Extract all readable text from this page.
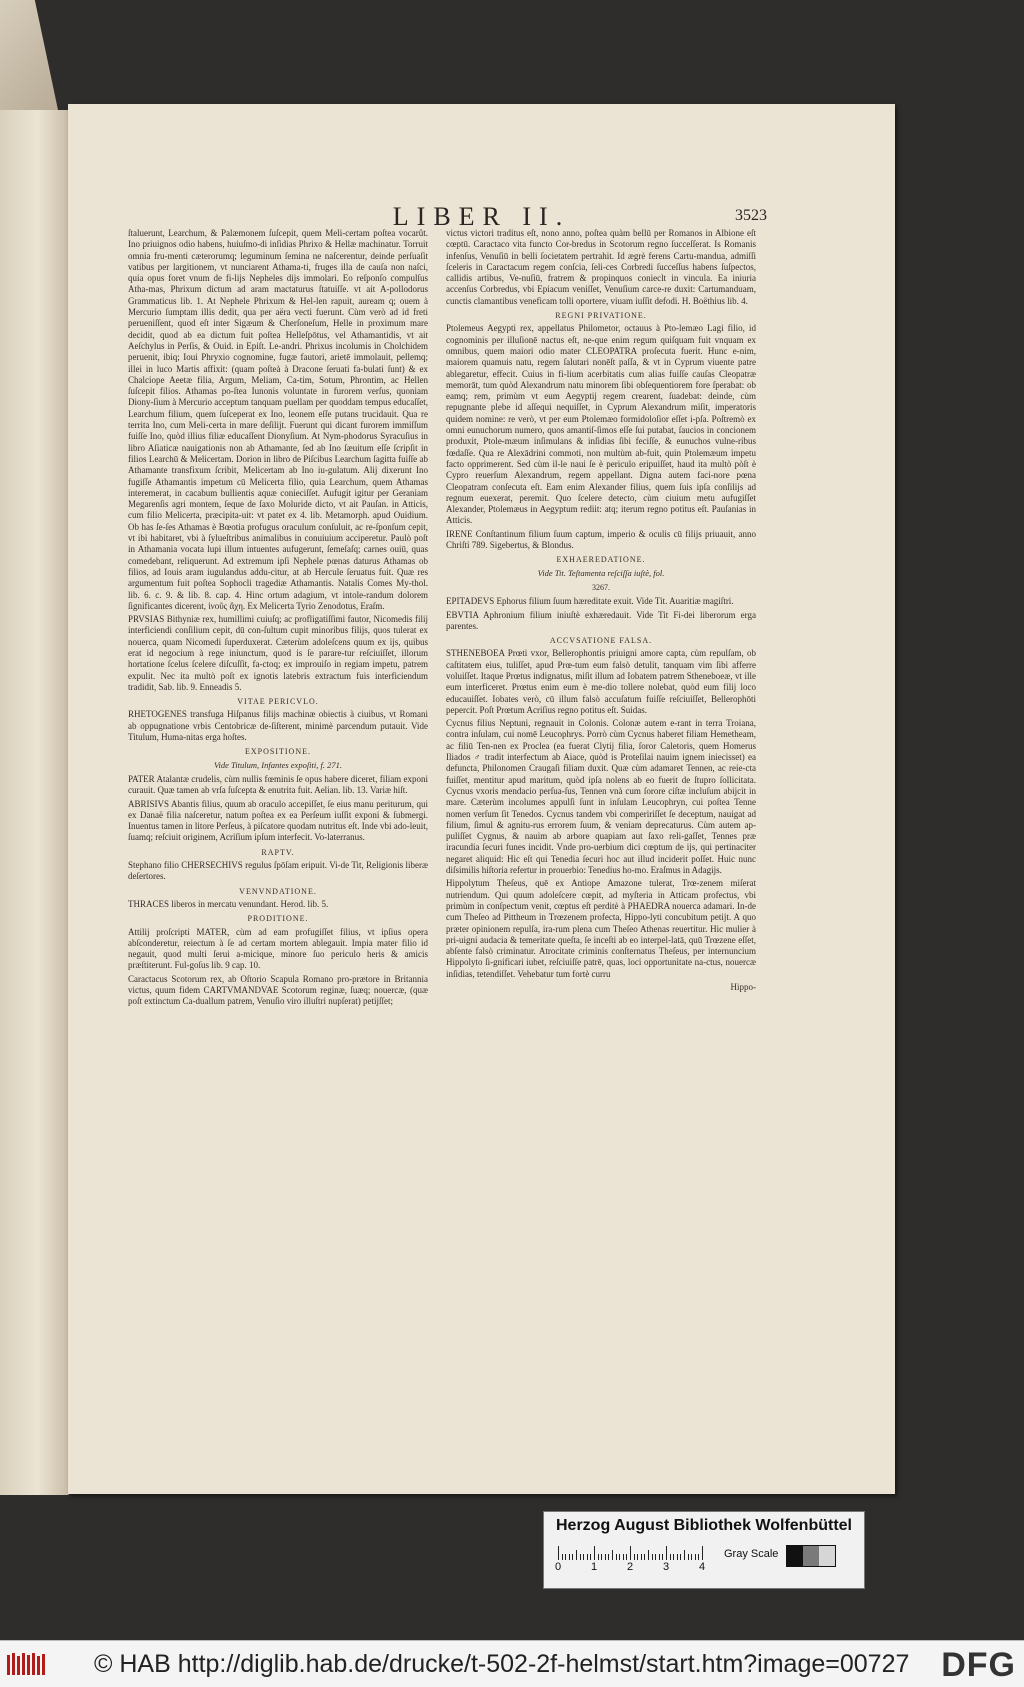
LIBER II.	3523

ſtaluerunt, Learchum, & Palæmonem ſuſcepit, quem Meli-certam poſtea vocarût. Ino priuignos odio habens, huiuſmo-di inſidias Phrixo & Hellæ machinatur. Torruit omnia fru-menti cæterorumq; leguminum ſemina ne naſcerentur, deinde perſuaſit vatibus per largitionem, vt nunciarent Athama-ti, fruges illa de cauſa non naſci, quia opus foret vnum de fi-lijs Nepheles dijs immolari. Eo reſponſo compulſus Atha-mas, Phrixum dictum ad aram mactaturus ſtatuiſſe. vt ait A-pollodorus Grammaticus lib. 1. At Nephele Phrixum & Hel-len rapuit, auream q; ouem à Mercurio ſumptam illis dedit, qua per aëra vecti fuerunt. Cùm verò ad id freti perueniſſent, quod eſt inter Sigæum & Cherſoneſum, Helle in proximum mare decidit, quod ab ea dictum fuit poſtea Helleſpōtus, vel Athamantidis, vt ait Aeſchylus in Perſis, & Ouid. in Epiſt. Le-andri. Phrixus incolumis in Cholchidem peruenit, ibiq; Ioui Phryxio cognomine, fugæ fautori, arietē immolauit, pellemq; illei in luco Martis affixit: (quam poſteà à Dracone ſeruati fa-bulati ſunt) & ex Chalciope Aeetæ filia, Argum, Meliam, Ca-tim, Sotum, Phrontim, ac Hellen ſuſcepit filios. Athamas po-ſtea Iunonis voluntate in furorem verſus, quoniam Diony-ſium à Mercurio acceptum tanquam puellam per quoddam tempus educaſſet, Learchum filium, quem ſuſceperat ex Ino, leonem eſſe putans trucidauit. Qua re territa Ino, cum Meli-certa in mare deſilijt. Fuerunt qui dicant furorem immiſſum fuiſſe Ino, quòd illius filiæ educaſſent Dionyſium. At Nym-phodorus Syracuſius in libro Aſiaticæ nauigationis non ab Athamante, ſed ab Ino ſæuitum eſſe ſcripſit in filios Learchū & Melicertam. Dorion in libro de Piſcibus Learchum ſagitta fuiſſe ab Athamante transfixum ſcribit, Melicertam ab Ino iu-gulatum. Alij dixerunt Ino fugiſſe Athamantis impetum cū Melicerta filio, quia Learchum, quem Athamas interemerat, in cacabum bullientis aquæ conieciſſet. Aufugit igitur per Geraniam Megarenſis agri montem, ſeque de ſaxo Moluride dicto, vt ait Pauſan. in Atticis, cum filio Melicerta, præcipita-uit: vt patet ex 4. lib. Metamorph. apud Ouidium. Ob has ſe-ſes Athamas è Bœotia profugus oraculum conſuluit, ac re-ſponſum cepit, vt ibi habitaret, vbi à ſylueſtribus animalibus in conuiuium acciperetur. Paulò poſt in Athamania vocata lupi illum intuentes aufugerunt, ſemeſaſq; carnes ouiū, quas comedebant, reliquerunt. Ad extremum ipſi Nephele pœnas daturus Athamas ob filios, ad Iouis aram iugulandus addu-citur, at ab Hercule ſeruatus fuit. Quæ res argumentum fuit poſtea Sophocli tragediæ Athamantis. Natalis Comes My-thol. lib. 6. c. 9. & lib. 8. cap. 4. Hinc ortum adagium, vt intole-randum dolorem ſignificantes dicerent, ἰνοῦς ἄχη. Ex Melicerta Tyrio Zenodotus, Eraſm.

PRVSIAS Bithyniæ rex, humillimi cuiuſq; ac profligatiſſimi fautor, Nicomedis filij interficiendi conſilium cepit, dū con-ſultum cupit minoribus filijs, quos tulerat ex nouerca, quam Nicomedi ſuperduxerat. Cæterùm adoleſcens quum ex ijs, quibus erat id negocium à rege iniunctum, quod is ſe parare-tur reſciuiſſet, illorum hortatione ſcelus ſcelere diſcuſſit, fa-ctoq; ex improuiſo in regiam impetu, patrem expulit. Nec ita multò poſt ex ignotis latebris extractum fuis interficiendum tradidit, Sab. lib. 9. Enneadis 5.

VITAE PERICVLO.

RHETOGENES transfuga Hiſpanus filijs machinæ obiectis à ciuibus, vt Romani ab oppugnatione vrbis Centobricæ de-ſiſterent, minimè parcendum putauit. Vide Titulum, Huma-nitas erga hoſtes.

EXPOSITIONE.
Vide Titulum, Infantes expoſiti, f. 271.

PATER Atalantæ crudelis, cùm nullis fœminis ſe opus habere diceret, filiam exponi curauit. Quæ tamen ab vrſa ſuſcepta & enutrita fuit. Aelian. lib. 13. Variæ hiſt.

ABRISIVS Abantis filius, quum ab oraculo accepiſſet, ſe eius manu periturum, qui ex Danaë filia naſceretur, natum poſtea ex ea Perſeum iuſſit exponi & ſubmergi. Inuentus tamen in litore Perſeus, à piſcatore quodam nutritus eſt. Inde vbi ado-leuit, ſuamq; reſciuit originem, Acriſium ipſum interfecit. Vo-laterranus.

RAPTV.

Stephano filio CHERSECHIVS regulus ſpōſam eripuit. Vi-de Tit, Religionis liberæ deſertores.

VENVNDATIONE.

THRACES liberos in mercatu venundant. Herod. lib. 5.

PRODITIONE.

Attilij proſcripti MATER, cùm ad eam profugiſſet filius, vt ipſius opera abſconderetur, reiectum à ſe ad certam mortem ablegauit. Impia mater filio id negauit, quod multi ſerui a-micique, minore ſuo periculo heris & amicis præſtiterunt. Ful-goſus lib. 9 cap. 10.

Caractacus Scotorum rex, ab Oſtorio Scapula Romano pro-prætore in Britannia victus, quum fidem CARTVMANDVAE Scotorum reginæ, ſuæq; nouercæ, (quæ poſt extinctum Ca-duallum patrem, Venuſio viro illuſtri nupſerat) petijſſet;

victus victori traditus eſt, nono anno, poſtea quàm bellū per Romanos in Albione eſt cœptū. Caractaco vita functo Cor-bredus in Scotorum regno ſucceſſerat. Is Romanis infenſus, Venuſiū in belli ſocietatem pertrahit. Id ægrè ferens Cartu-mandua, admiſſi ſceleris in Caractacum regem conſcia, ſeli-ces Corbredi ſucceſſus habens ſuſpectos, callidis artibus, Ve-nuſiū, fratrem & propinquos conieclt in vincula. Ea iniuria accenſus Corbredus, vbi Epiacum veniſſet, Venuſium carce-re duxit: Cartumanduam, cunctis clamantibus veneficam tolli oportere, viuam iuſſit defodi. H. Boëthius lib. 4.

REGNI PRIVATIONE.

Ptolemeus Aegypti rex, appellatus Philometor, octauus à Pto-lemæo Lagi filio, id cognominis per illuſionē nactus eſt, ne-que enim regum quiſquam fuit vnquam ex omnibus, quem maiori odio mater CLEOPATRA proſecuta fuerit. Hunc e-nim, maiorem quamuis natu, regem ſalutari nonēſt paſſa, & vt in Cyprum viuente patre ablegaretur, effecit. Cuius in fi-lium acerbitatis cum alias fuiſſe cauſas Cleopatræ memorāt, tum quòd Alexandrum natu minorem ſibi obſequentiorem fore ſperabat: ob eamq; rem, primùm vt eum Aegyptij regem crearent, ſuadebat: deinde, cùm repugnante plebe id aſſequi nequiſſet, in Cyprum Alexandrum miſit, imperatoris quidem nomine: re verò, vt per eum Ptolemæo formidoloſior eſſet i-pſa. Poſtremò ex omni eunuchorum numero, quos amantiſ-ſimos eſſe ſui putabat, ſaucios in concionem produxit, Ptole-mæum inſimulans & inſidias ſibi feciſſe, & eunuchos vulne-ribus fœdaſſe. Qua re Alexādrini commoti, non multùm ab-fuit, quin Ptolemæum impetu facto opprimerent. Sed cùm il-le naui ſe è periculo eripuiſſet, haud ita multò pòſt è Cypro reuerſum Alexandrum, regem appellant. Digna autem faci-nore pœna Cleopatram conſecuta eſt. Eam enim Alexander filius, quem ſuis ipſa conſilijs ad regnum euexerat, peremit. Quo ſcelere detecto, cùm ciuium metu aufugiſſet Alexander, Ptolemæus in Aegyptum rediit: atq; iterum regno potitus eſt. Pauſanias in Atticis.

IRENE Conſtantinum filium ſuum captum, imperio & oculis cū filijs priuauit, anno Chriſti 789. Sigebertus, & Blondus.

EXHAEREDATIONE.
Vide Tit. Teſtamenta reſciſſa iuſtè, fol.
3267.

EPITADEVS Ephorus filium ſuum hæreditate exuit. Vide Tit. Auaritiæ magiſtri.

EBVTIA Aphronium filium iniuſtè exhæredauit. Vide Tit Fi-dei liberorum erga parentes.

ACCVSATIONE FALSA.

STHENEBOEA Prœti vxor, Bellerophontis priuigni amore capta, cùm repulſam, ob caſtitatem eius, tuliſſet, apud Prœ-tum eum falsò detulit, tanquam vim ſibi afferre voluiſſet. Itaque Prœtus indignatus, miſit illum ad Iobatem patrem Stheneboeæ, vt ille eum interficeret. Prœtus enim eum è me-dio tollere nolebat, quòd eum filij loco educauiſſet. Iobates verò, cū illum falsò accuſatum fuiſſe reſciuiſſet, Bellerophōti pepercit. Poſt Prœtum Acriſius regno potitus eſt. Suidas.

Cycnus filius Neptuni, regnauit in Colonis. Colonæ autem e-rant in terra Troiana, contra inſulam, cui nomē Leucophrys. Porrò cùm Cycnus haberet filiam Hemetheam, ac filiū Ten-nen ex Proclea (ea fuerat Clytij filia, ſoror Caletoris, quem Homerus Iliados ♂ tradit interfectum ab Aiace, quòd is Proteſilai nauim ignem iniecisset) ea defuncta, Philonomen Craugaſi filiam duxit. Quæ cùm adamaret Tennen, ac reie-cta fuiſſet, mentitur apud maritum, quòd ipſa nolens ab eo fuerit de ſtupro ſollicitata. Cycnus vxoris mendacio perſua-ſus, Tennen vnà cum ſorore ciſtæ incluſum abijcit in mare. Cæterùm incolumes appulſi ſunt in inſulam Leucophryn, cui poſtea Tenne nomen verſum ſit Tenedos. Cycnus tandem vbi compeririſſet ſe deceptum, nauigat ad filium, ſimul & agnitu-rus errorem ſuum, & veniam deprecaturus. Cùm autem ap-puliſſet Cygnus, & nauim ab arbore quapiam aut ſaxo reli-gaſſet, Tennes præ iracundia ſecuri funes incidit. Vnde pro-uerbium dici cœptum de ijs, qui pertinaciter negaret aliquid: Hic eſt qui Tenedia ſecuri hoc aut illud inciderit poſſet. Huic nunc diſsimilis hiſtoria refertur in prouerbio: Tenedius ho-mo. Eraſmus in Adagijs.

Hippolytum Theſeus, quē ex Antiope Amazone tulerat, Trœ-zenem miſerat nutriendum. Qui quum adoleſcere cœpit, ad myſteria in Atticam profectus, vbi primùm in conſpectum venit, cœptus eſt perditè à PHAEDRA nouerca adamari. In-de cum Theſeo ad Pittheum in Trœzenem profecta, Hippo-lyti concubitum petijt. A quo præter opinionem repulſa, ira-rum plena cum Theſeo Athenas reuertitur. Hic mulier à pri-uigni audacia & temeritate queſta, ſe inceſti ab eo interpel-latā, quū Trœzene eſſet, abſente falsò criminatur. Atrocitate criminis conſternatus Theſeus, per internuncium Hippolyto ſi-gnificari iubet, reſciuiſſe patrē, quas, loci opportunitate na-ctus, nouercæ inſidias, tetendiſſet. Vehebatur tum fortè curru

Hippo-
Herzog August Bibliothek Wolfenbüttel
0	1	2	3	4
Gray Scale
© HAB http://diglib.hab.de/drucke/t-502-2f-helmst/start.htm?image=00727 DFG
